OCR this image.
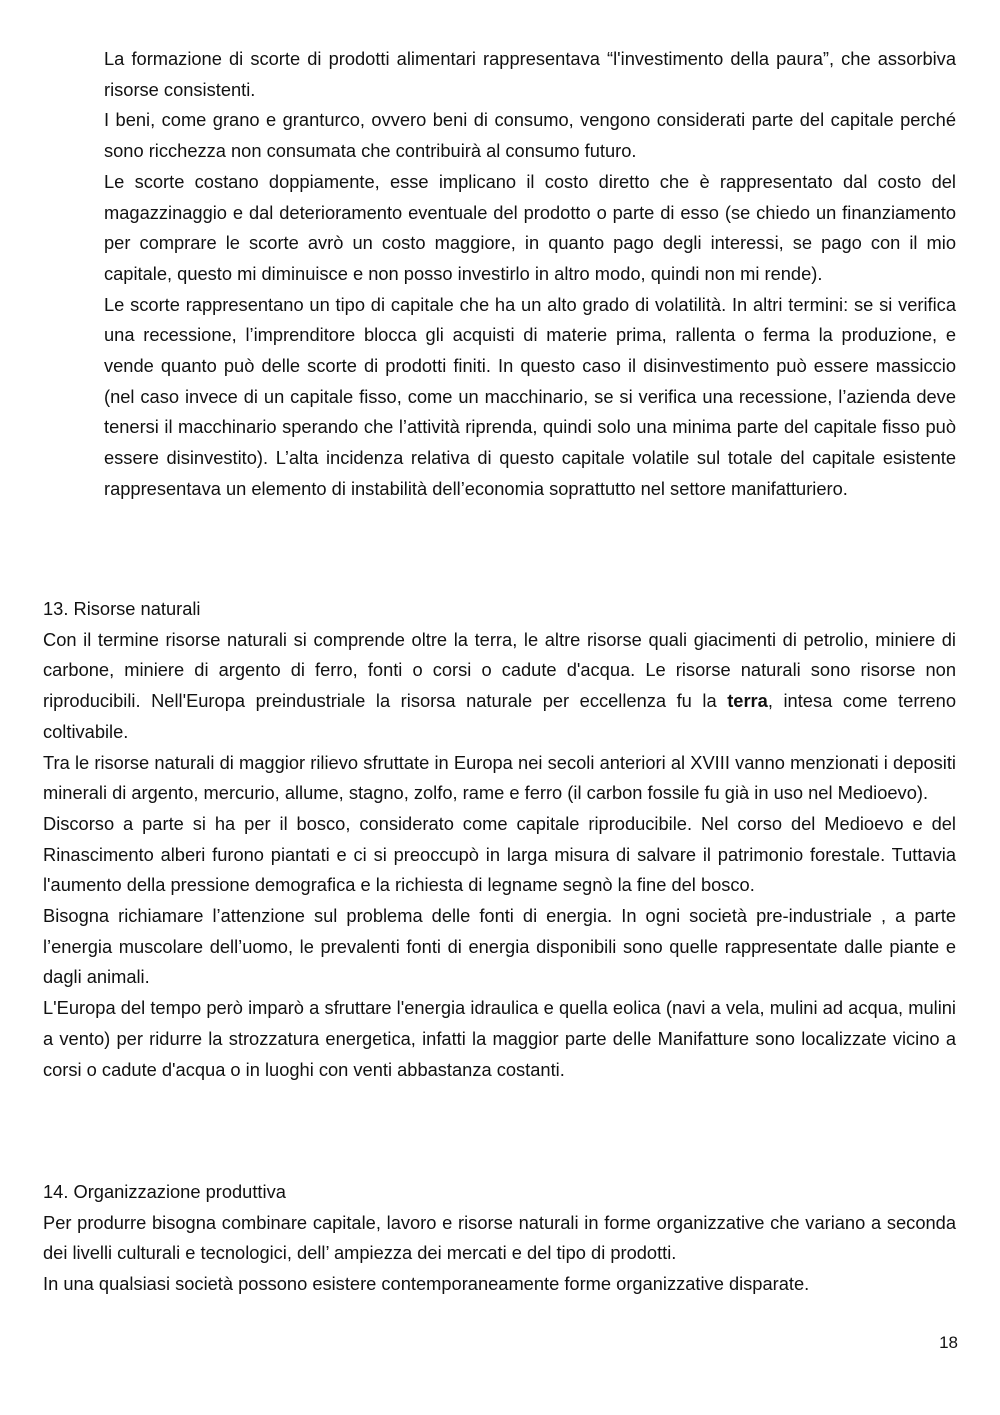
La formazione di scorte di prodotti alimentari rappresentava “l'investimento della paura”, che assorbiva risorse consistenti.

I beni, come grano e granturco, ovvero beni di consumo, vengono considerati parte del capitale perché sono ricchezza non consumata che contribuirà al consumo futuro.

Le scorte costano doppiamente, esse implicano il costo diretto che è rappresentato dal costo del magazzinaggio e dal deterioramento eventuale del prodotto o parte di esso (se chiedo un finanziamento per comprare le scorte avrò un costo maggiore, in quanto pago degli interessi, se pago con il mio capitale, questo mi diminuisce e non posso investirlo in altro modo, quindi non mi rende).

Le scorte rappresentano un tipo di capitale che ha un alto grado di volatilità. In altri termini: se si verifica una recessione, l’imprenditore blocca gli acquisti di materie prima, rallenta o ferma la produzione, e vende quanto può delle scorte di prodotti finiti. In questo caso il disinvestimento può essere massiccio (nel caso invece di un capitale fisso, come un macchinario, se si verifica una recessione, l’azienda deve tenersi il macchinario sperando che l’attività riprenda, quindi solo una minima parte del capitale fisso può essere disinvestito). L’alta incidenza relativa di questo capitale volatile sul totale del capitale esistente rappresentava un elemento di instabilità dell’economia soprattutto nel settore manifatturiero.

13. Risorse naturali

Con il termine risorse naturali si comprende oltre la terra, le altre risorse quali giacimenti di petrolio, miniere di carbone, miniere di argento di ferro, fonti o corsi o cadute d'acqua. Le risorse naturali sono risorse non riproducibili. Nell'Europa preindustriale la risorsa naturale per eccellenza fu la terra, intesa come terreno coltivabile.

Tra le risorse naturali di maggior rilievo sfruttate in Europa nei secoli anteriori al XVIII vanno menzionati i depositi minerali di argento, mercurio, allume, stagno, zolfo, rame e ferro (il carbon fossile fu già in uso nel Medioevo).

Discorso a parte si ha per il bosco, considerato come capitale riproducibile. Nel corso del Medioevo e del Rinascimento alberi furono piantati e ci si preoccupò in larga misura di salvare il patrimonio forestale. Tuttavia l'aumento della pressione demografica e la richiesta di legname segnò la fine del bosco.

Bisogna richiamare l’attenzione sul problema delle fonti di energia. In ogni società pre-industriale , a parte l’energia muscolare dell’uomo, le prevalenti fonti di energia disponibili sono quelle rappresentate dalle piante e dagli animali.

L'Europa del tempo però imparò a sfruttare l'energia idraulica e quella eolica (navi a vela, mulini ad acqua, mulini a vento) per ridurre la strozzatura energetica, infatti la maggior parte delle Manifatture sono localizzate vicino a corsi o cadute d'acqua o in luoghi con venti abbastanza costanti.

14. Organizzazione produttiva

Per produrre bisogna combinare capitale, lavoro e risorse naturali in forme organizzative che variano a seconda dei livelli culturali e tecnologici, dell’ ampiezza dei mercati e del tipo di prodotti.

In una qualsiasi società possono esistere contemporaneamente forme organizzative disparate.

18
